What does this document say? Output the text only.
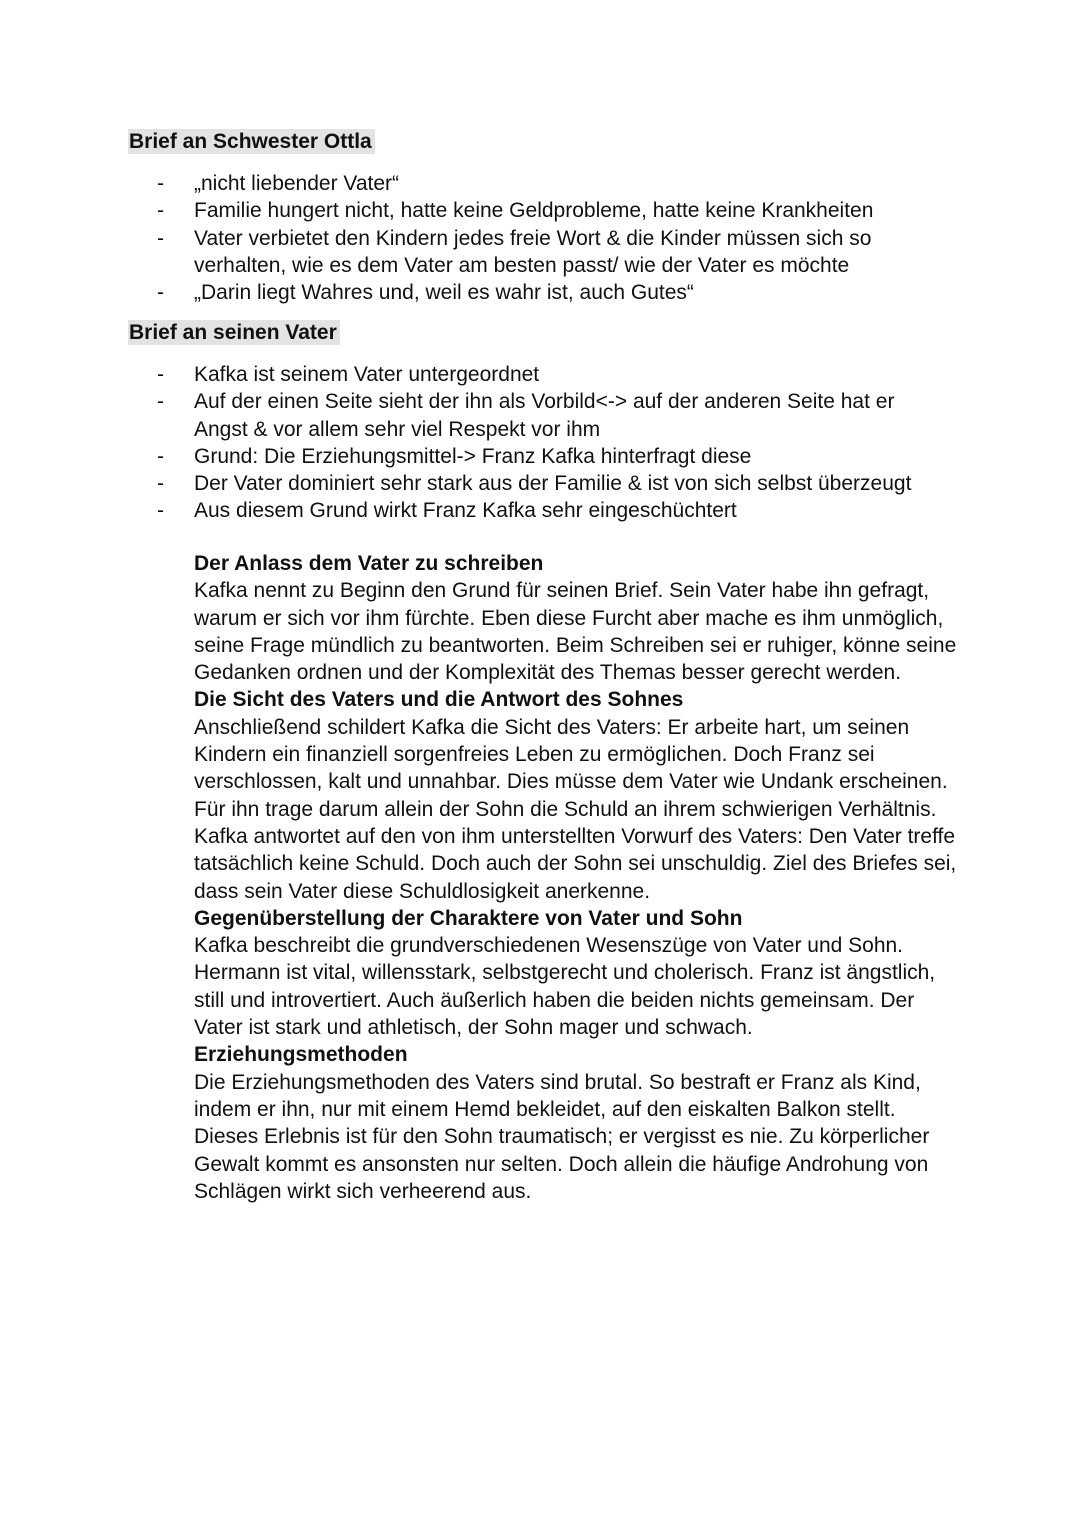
Brief an Schwester Ottla
- „nicht liebender Vater“
- Familie hungert nicht, hatte keine Geldprobleme, hatte keine Krankheiten
- Vater verbietet den Kindern jedes freie Wort & die Kinder müssen sich so verhalten, wie es dem Vater am besten passt/ wie der Vater es möchte
- „Darin liegt Wahres und, weil es wahr ist, auch Gutes“
Brief an seinen Vater
- Kafka ist seinem Vater untergeordnet
- Auf der einen Seite sieht der ihn als Vorbild<-> auf der anderen Seite hat er Angst & vor allem sehr viel Respekt vor ihm
- Grund: Die Erziehungsmittel-> Franz Kafka hinterfragt diese
- Der Vater dominiert sehr stark aus der Familie & ist von sich selbst überzeugt
- Aus diesem Grund wirkt Franz Kafka sehr eingeschüchtert
Der Anlass dem Vater zu schreiben

Kafka nennt zu Beginn den Grund für seinen Brief. Sein Vater habe ihn gefragt, warum er sich vor ihm fürchte. Eben diese Furcht aber mache es ihm unmöglich, seine Frage mündlich zu beantworten. Beim Schreiben sei er ruhiger, könne seine Gedanken ordnen und der Komplexität des Themas besser gerecht werden.

Die Sicht des Vaters und die Antwort des Sohnes

Anschließend schildert Kafka die Sicht des Vaters: Er arbeite hart, um seinen Kindern ein finanziell sorgenfreies Leben zu ermöglichen. Doch Franz sei verschlossen, kalt und unnahbar. Dies müsse dem Vater wie Undank erscheinen. Für ihn trage darum allein der Sohn die Schuld an ihrem schwierigen Verhältnis. Kafka antwortet auf den von ihm unterstellten Vorwurf des Vaters: Den Vater treffe tatsächlich keine Schuld. Doch auch der Sohn sei unschuldig. Ziel des Briefes sei, dass sein Vater diese Schuldlosigkeit anerkenne.

Gegenüberstellung der Charaktere von Vater und Sohn

Kafka beschreibt die grundverschiedenen Wesenszüge von Vater und Sohn. Hermann ist vital, willensstark, selbstgerecht und cholerisch. Franz ist ängstlich, still und introvertiert. Auch äußerlich haben die beiden nichts gemeinsam. Der Vater ist stark und athletisch, der Sohn mager und schwach.

Erziehungsmethoden

Die Erziehungsmethoden des Vaters sind brutal. So bestraft er Franz als Kind, indem er ihn, nur mit einem Hemd bekleidet, auf den eiskalten Balkon stellt. Dieses Erlebnis ist für den Sohn traumatisch; er vergisst es nie. Zu körperlicher Gewalt kommt es ansonsten nur selten. Doch allein die häufige Androhung von Schlägen wirkt sich verheerend aus.
